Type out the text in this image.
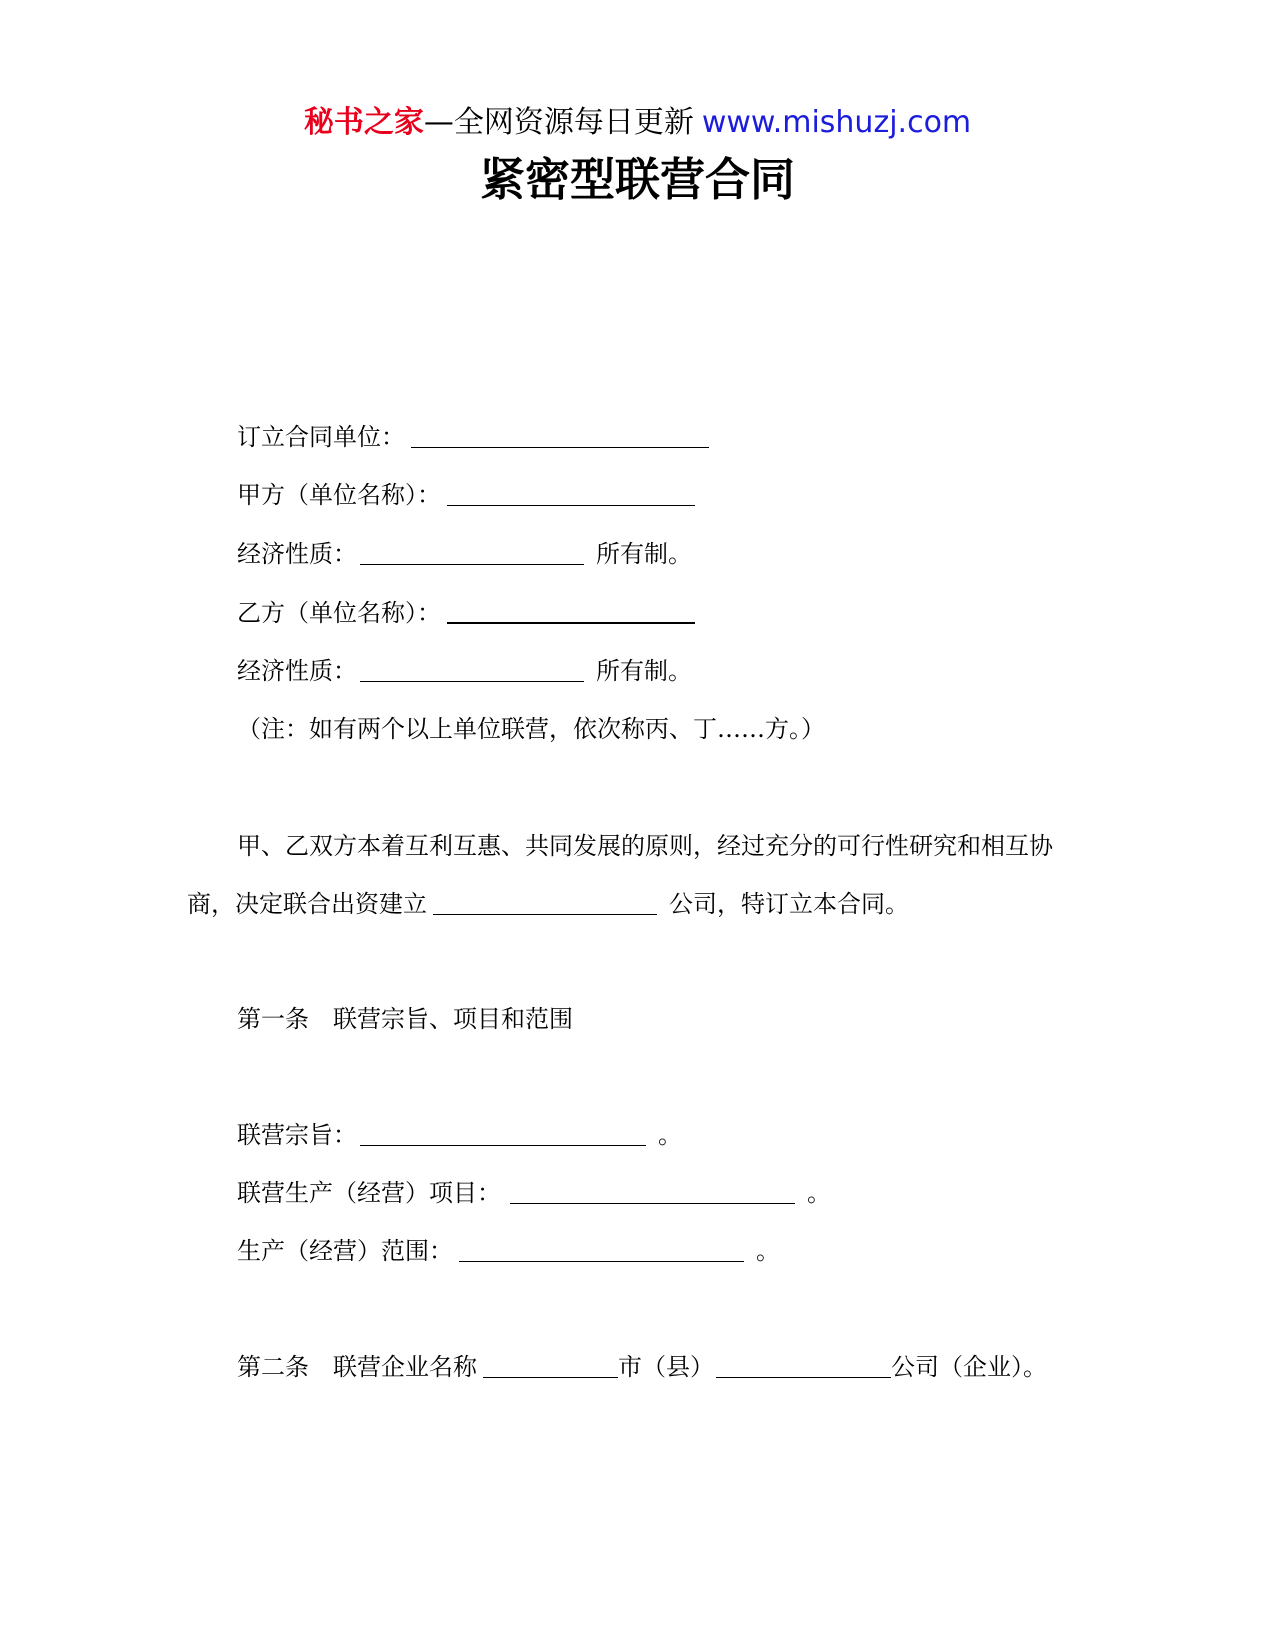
秘书之家—全网资源每日更新 www.mishuzj.com
紧密型联营合同
订立合同单位：
甲方（单位名称）：
经济性质：	所有制。
乙方（单位名称）：
经济性质：	所有制。
（注：如有两个以上单位联营，依次称丙、丁……方。）
甲、乙双方本着互利互惠、共同发展的原则，经过充分的可行性研究和相互协
商，决定联合出资建立	公司，特订立本合同。
第一条 联营宗旨、项目和范围
联营宗旨：	。
联营生产（经营）项目：	。
生产（经营）范围：	。
第二条 联营企业名称	市（县）	公司（企业）。
